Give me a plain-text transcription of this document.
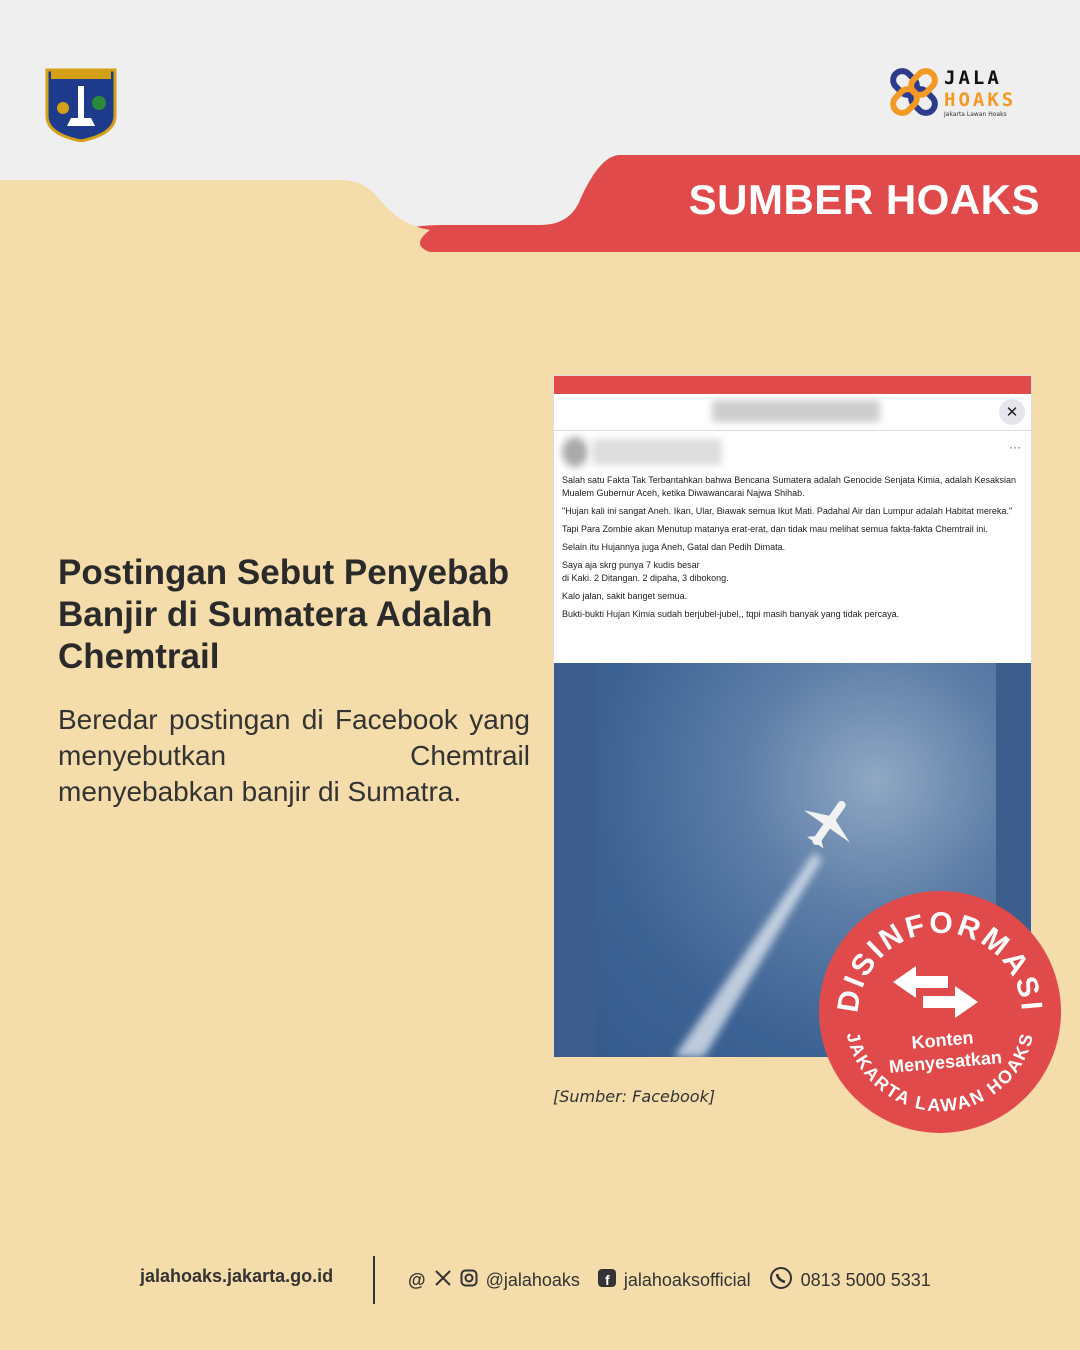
JALA
HOAKS
Jakarta Lawan Hoaks
SUMBER HOAKS
Postingan Sebut Penyebab Banjir di Sumatera Adalah Chemtrail
Beredar postingan di Facebook yang menyebutkan Chemtrail menyebabkan banjir di Sumatra.
✕
···

Salah satu Fakta Tak Terbantahkan bahwa Bencana Sumatera adalah Genocide Senjata Kimia, adalah Kesaksian Mualem Gubernur Aceh, ketika Diwawancarai Najwa Shihab.

"Hujan kali ini sangat Aneh. Ikan, Ular, Biawak semua Ikut Mati. Padahal Air dan Lumpur adalah Habitat mereka."

Tapi Para Zombie akan Menutup matanya erat-erat, dan tidak mau melihat semua fakta-fakta Chemtrail ini.

Selain itu Hujannya juga Aneh, Gatal dan Pedih Dimata.

Saya aja skrg punya 7 kudis besar
di Kaki. 2 Ditangan. 2 dipaha, 3 dibokong.

Kalo jalan, sakit banget semua.

Bukti-bukti Hujan Kimia sudah berjubel-jubel,, tqpi masih banyak yang tidak percaya.

DISINFORMASI
JAKARTA LAWAN HOAKS
Konten
Menyesatkan
[Sumber: Facebook]
jalahoaks.jakarta.go.id	@	@jalahoaks f jalahoaksofficial	0813 5000 5331
